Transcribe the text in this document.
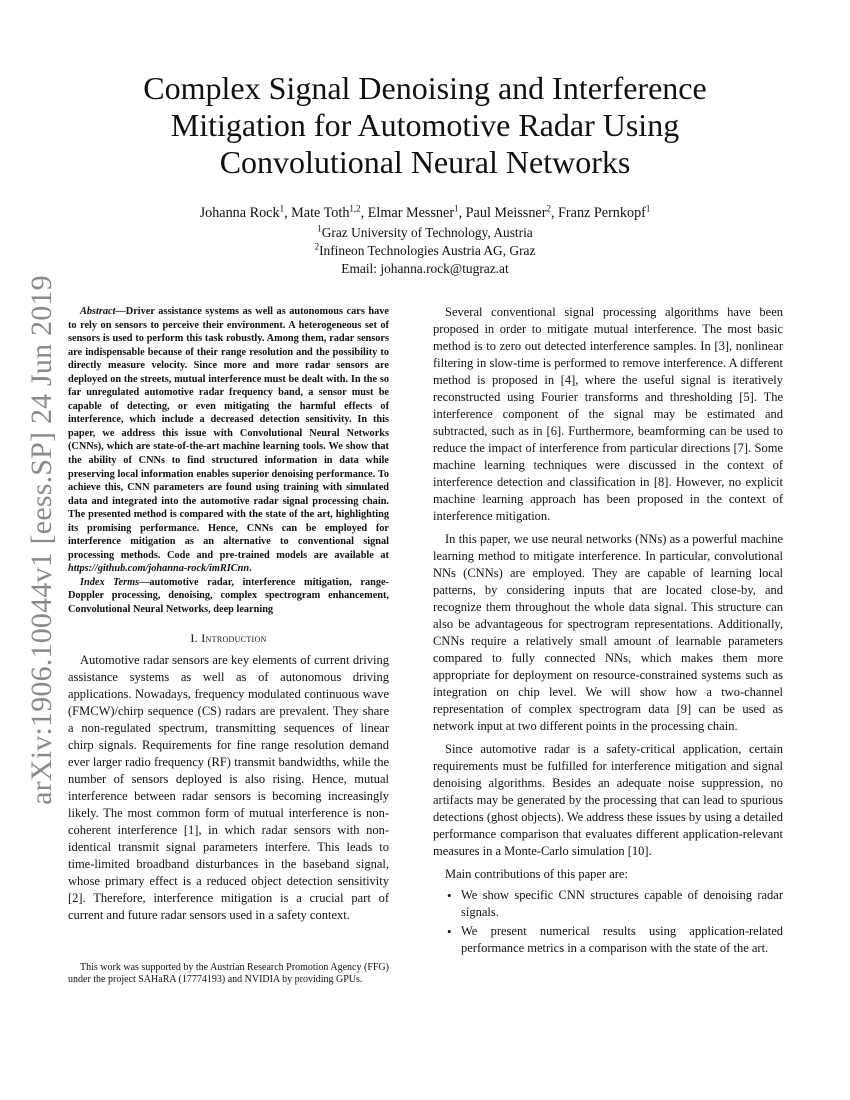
arXiv:1906.10044v1 [eess.SP] 24 Jun 2019
Complex Signal Denoising and Interference
Mitigation for Automotive Radar Using
Convolutional Neural Networks
Johanna Rock$^1$, Mate Toth$^{1,2}$, Elmar Messner$^1$, Paul Meissner$^2$, Franz Pernkopf$^1$
$^1$Graz University of Technology, Austria
$^2$Infineon Technologies Austria AG, Graz
Email: johanna.rock@tugraz.at

Abstract—Driver assistance systems as well as autonomous cars have to rely on sensors to perceive their environment. A heterogeneous set of sensors is used to perform this task robustly. Among them, radar sensors are indispensable because of their range resolution and the possibility to directly measure velocity. Since more and more radar sensors are deployed on the streets, mutual interference must be dealt with. In the so far unregulated automotive radar frequency band, a sensor must be capable of detecting, or even mitigating the harmful effects of interference, which include a decreased detection sensitivity. In this paper, we address this issue with Convolutional Neural Networks (CNNs), which are state-of-the-art machine learning tools. We show that the ability of CNNs to find structured information in data while preserving local information enables superior denoising performance. To achieve this, CNN parameters are found using training with simulated data and integrated into the automotive radar signal processing chain. The presented method is compared with the state of the art, highlighting its promising performance. Hence, CNNs can be employed for interference mitigation as an alternative to conventional signal processing methods. Code and pre-trained models are available at https://github.com/johanna-rock/imRICnn.

Index Terms—automotive radar, interference mitigation, range-Doppler processing, denoising, complex spectrogram enhancement, Convolutional Neural Networks, deep learning

I. Introduction

Automotive radar sensors are key elements of current driving assistance systems as well as of autonomous driving applications. Nowadays, frequency modulated continuous wave (FMCW)/chirp sequence (CS) radars are prevalent. They share a non-regulated spectrum, transmitting sequences of linear chirp signals. Requirements for fine range resolution demand ever larger radio frequency (RF) transmit bandwidths, while the number of sensors deployed is also rising. Hence, mutual interference between radar sensors is becoming increasingly likely. The most common form of mutual interference is non-coherent interference [1], in which radar sensors with non-identical transmit signal parameters interfere. This leads to time-limited broadband disturbances in the baseband signal, whose primary effect is a reduced object detection sensitivity [2]. Therefore, interference mitigation is a crucial part of current and future radar sensors used in a safety context.

This work was supported by the Austrian Research Promotion Agency (FFG) under the project SAHaRA (17774193) and NVIDIA by providing GPUs.

Several conventional signal processing algorithms have been proposed in order to mitigate mutual interference. The most basic method is to zero out detected interference samples. In [3], nonlinear filtering in slow-time is performed to remove interference. A different method is proposed in [4], where the useful signal is iteratively reconstructed using Fourier transforms and thresholding [5]. The interference component of the signal may be estimated and subtracted, such as in [6]. Furthermore, beamforming can be used to reduce the impact of interference from particular directions [7]. Some machine learning techniques were discussed in the context of interference detection and classification in [8]. However, no explicit machine learning approach has been proposed in the context of interference mitigation.

In this paper, we use neural networks (NNs) as a powerful machine learning method to mitigate interference. In particular, convolutional NNs (CNNs) are employed. They are capable of learning local patterns, by considering inputs that are located close-by, and recognize them throughout the whole data signal. This structure can also be advantageous for spectrogram representations. Additionally, CNNs require a relatively small amount of learnable parameters compared to fully connected NNs, which makes them more appropriate for deployment on resource-constrained systems such as integration on chip level. We will show how a two-channel representation of complex spectrogram data [9] can be used as network input at two different points in the processing chain.

Since automotive radar is a safety-critical application, certain requirements must be fulfilled for interference mitigation and signal denoising algorithms. Besides an adequate noise suppression, no artifacts may be generated by the processing that can lead to spurious detections (ghost objects). We address these issues by using a detailed performance comparison that evaluates different application-relevant measures in a Monte-Carlo simulation [10].

Main contributions of this paper are:

• We show specific CNN structures capable of denoising radar signals.
• We present numerical results using application-related performance metrics in a comparison with the state of the art.
